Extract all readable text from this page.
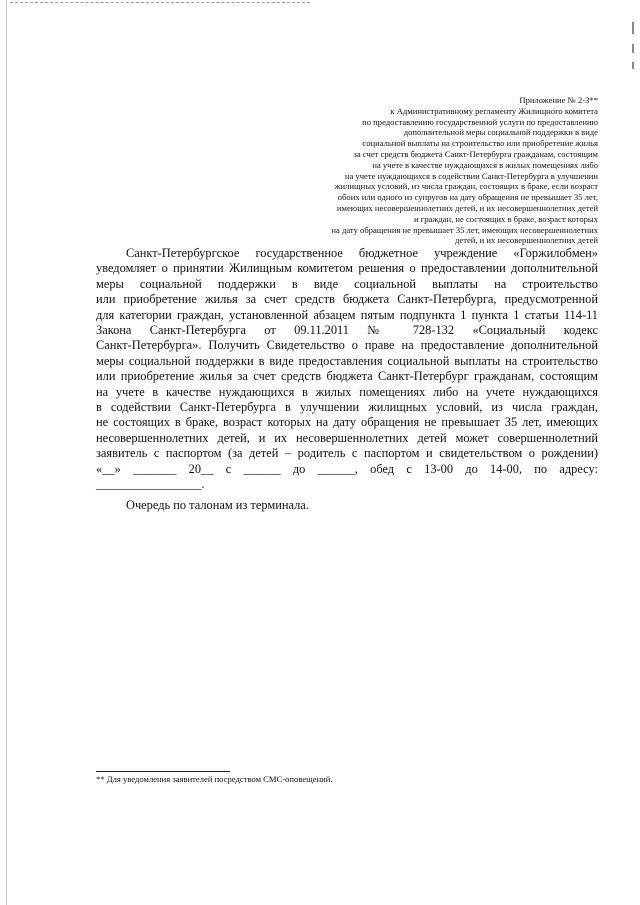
Приложение № 2-3**
к Административному регламенту Жилищного комитета
по предоставлению государственной услуги по предоставлению
дополнительной меры социальной поддержки в виде
социальной выплаты на строительство или приобретение жилья
за счет средств бюджета Санкт-Петербурга гражданам, состоящим
на учете в качестве нуждающихся в жилых помещениях либо
на учете нуждающихся в содействии Санкт-Петербурга в улучшении
жилищных условий, из числа граждан, состоящих в браке, если возраст
обоих или одного из супругов на дату обращения не превышает 35 лет,
имеющих несовершеннолетних детей, и их несовершеннолетних детей
и граждан, не состоящих в браке, возраст которых
на дату обращения не превышает 35 лет, имеющих несовершеннолетних
детей, и их несовершеннолетних детей
Санкт-Петербургское государственное бюджетное учреждение «Горжилобмен»
уведомляет о принятии Жилищным комитетом решения о предоставлении дополнительной
меры социальной поддержки в виде социальной выплаты на строительство
или приобретение жилья за счет средств бюджета Санкт-Петербурга, предусмотренной
для категории граждан, установленной абзацем пятым подпункта 1 пункта 1 статьи 114-11
Закона Санкт-Петербурга от 09.11.2011 № 728-132 «Социальный кодекс
Санкт-Петербурга». Получить Свидетельство о праве на предоставление дополнительной
меры социальной поддержки в виде предоставления социальной выплаты на строительство
или приобретение жилья за счет средств бюджета Санкт-Петербург гражданам, состоящим
на учете в качестве нуждающихся в жилых помещениях либо на учете нуждающихся
в содействии Санкт-Петербурга в улучшении жилищных условий, из числа граждан,
не состоящих в браке, возраст которых на дату обращения не превышает 35 лет, имеющих
несовершеннолетних детей, и их несовершеннолетних детей может совершеннолетний
заявитель с паспортом (за детей – родитель с паспортом и свидетельством о рождении)
«__» _______ 20__ с ______ до ______, обед с 13-00 до 14-00, по адресу:
_________________.
Очередь по талонам из терминала.
** Для уведомления заявителей посредством СМС-оповещений.
